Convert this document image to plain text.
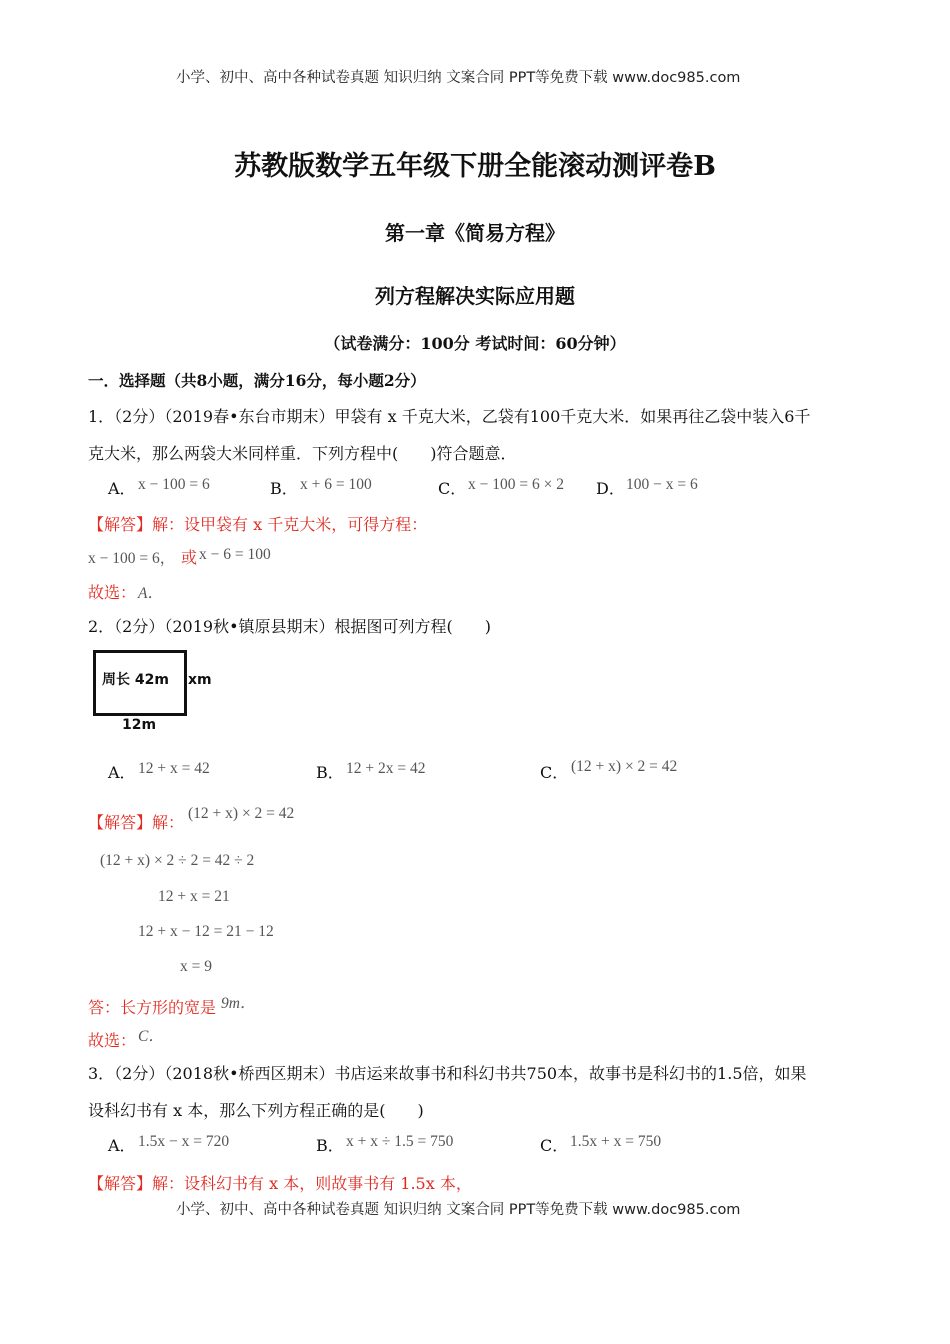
小学、初中、高中各种试卷真题 知识归纳 文案合同 PPT等免费下载 www.doc985.com
苏教版数学五年级下册全能滚动测评卷B
第一章《简易方程》
列方程解决实际应用题
（试卷满分：100分 考试时间：60分钟）
一．选择题（共8小题，满分16分，每小题2分）
1．（2分）（2019春•东台市期末）甲袋有 x 千克大米，乙袋有100千克大米．如果再往乙袋中装入6千
克大米，那么两袋大米同样重．下列方程中(　　)符合题意．
A． x − 100 = 6	B． x + 6 = 100	C． x − 100 = 6 × 2 D． 100 − x = 6
【解答】解：设甲袋有 x 千克大米，可得方程：
x − 100 = 6， 或 x − 6 = 100
故选： A．
2．（2分）（2019秋•镇原县期末）根据图可列方程(　　)
周长 42m xm
12m
A． 12 + x = 42	B． 12 + 2x = 42	C． (12 + x) × 2 = 42
【解答】解： (12 + x) × 2 = 42
(12 + x) × 2 ÷ 2 = 42 ÷ 2
12 + x = 21
12 + x − 12 = 21 − 12
x = 9
答：长方形的宽是 9m．
故选： C．
3．（2分）（2018秋•桥西区期末）书店运来故事书和科幻书共750本，故事书是科幻书的1.5倍，如果
设科幻书有 x 本，那么下列方程正确的是(　　)
A． 1.5x − x = 720	B． x + x ÷ 1.5 = 750	C． 1.5x + x = 750
【解答】解：设科幻书有 x 本，则故事书有 1.5x 本，
小学、初中、高中各种试卷真题 知识归纳 文案合同 PPT等免费下载 www.doc985.com
